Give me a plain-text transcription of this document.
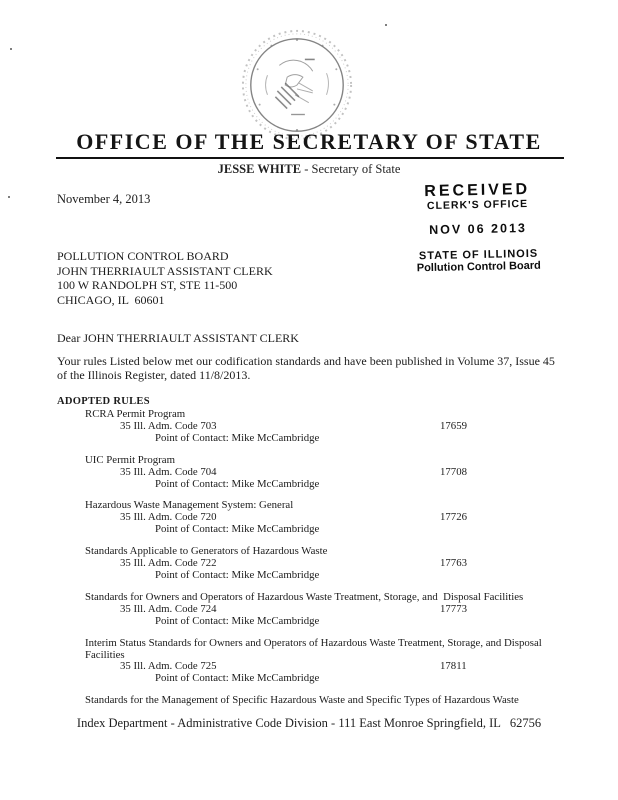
OFFICE OF THE SECRETARY OF STATE
JESSE WHITE - Secretary of State
November 4, 2013	RECEIVED
CLERK'S OFFICE
NOV 06 2013
STATE OF ILLINOIS
Pollution Control Board
POLLUTION CONTROL BOARD
JOHN THERRIAULT ASSISTANT CLERK
100 W RANDOLPH ST, STE 11-500
CHICAGO, IL  60601
Dear JOHN THERRIAULT ASSISTANT CLERK
Your rules Listed below met our codification standards and have been published in Volume 37, Issue 45 of the Illinois Register, dated 11/8/2013.
ADOPTED RULES
RCRA Permit Program
35 Ill. Adm. Code 703	17659
Point of Contact: Mike McCambridge
UIC Permit Program
35 Ill. Adm. Code 704	17708
Point of Contact: Mike McCambridge
Hazardous Waste Management System: General
35 Ill. Adm. Code 720	17726
Point of Contact: Mike McCambridge
Standards Applicable to Generators of Hazardous Waste
35 Ill. Adm. Code 722	17763
Point of Contact: Mike McCambridge
Standards for Owners and Operators of Hazardous Waste Treatment, Storage, and  Disposal Facilities
35 Ill. Adm. Code 724	17773
Point of Contact: Mike McCambridge
Interim Status Standards for Owners and Operators of Hazardous Waste Treatment, Storage, and Disposal Facilities
35 Ill. Adm. Code 725	17811
Point of Contact: Mike McCambridge
Standards for the Management of Specific Hazardous Waste and Specific Types of Hazardous Waste
Index Department - Administrative Code Division - 111 East Monroe Springfield, IL   62756
